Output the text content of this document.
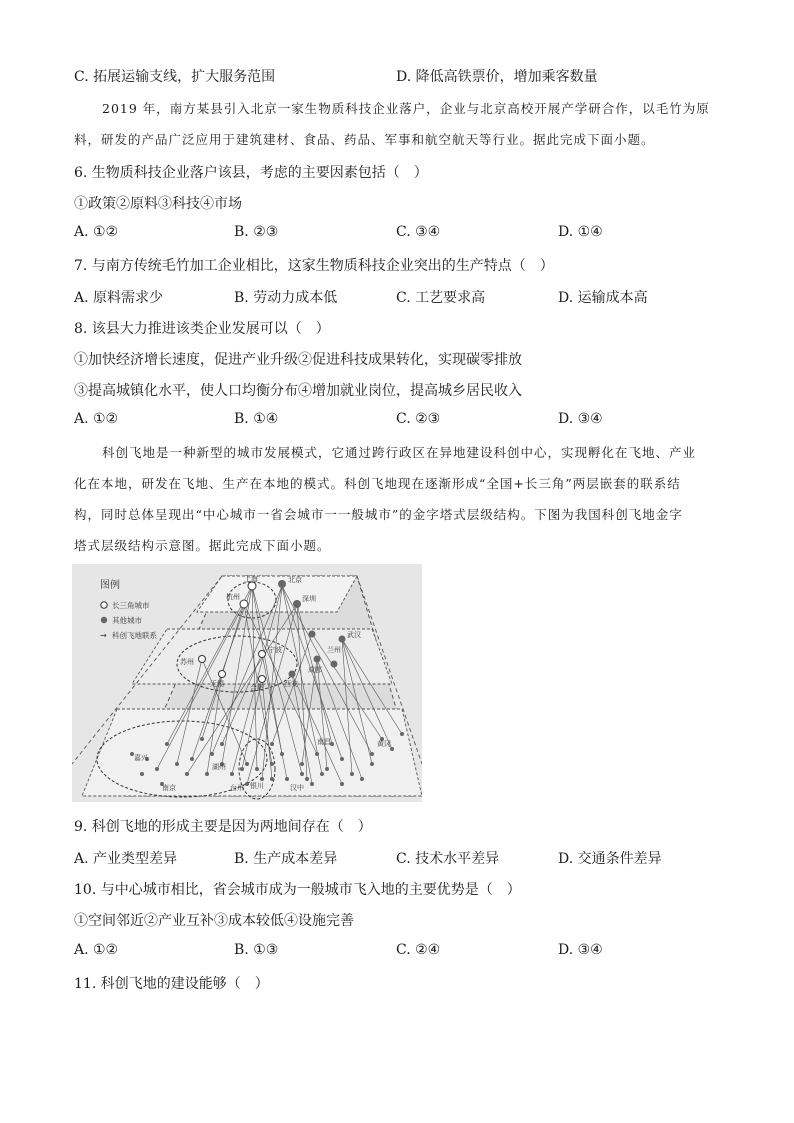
C. 拓展运输支线，扩大服务范围	D. 降低高铁票价，增加乘客数量
2019 年，南方某县引入北京一家生物质科技企业落户，企业与北京高校开展产学研合作，以毛竹为原
料，研发的产品广泛应用于建筑建材、食品、药品、军事和航空航天等行业。据此完成下面小题。
6. 生物质科技企业落户该县，考虑的主要因素包括（　）
①政策②原料③科技④市场
A. ①②	B. ②③	C. ③④	D. ①④
7. 与南方传统毛竹加工企业相比，这家生物质科技企业突出的生产特点（　）
A. 原料需求少	B. 劳动力成本低	C. 工艺要求高	D. 运输成本高
8. 该县大力推进该类企业发展可以（　）
①加快经济增长速度，促进产业升级②促进科技成果转化，实现碳零排放
③提高城镇化水平，使人口均衡分布④增加就业岗位，提高城乡居民收入
A. ①②	B. ①④	C. ②③	D. ③④
科创飞地是一种新型的城市发展模式，它通过跨行政区在异地建设科创中心，实现孵化在飞地、产业
化在本地，研发在飞地、生产在本地的模式。科创飞地现在逐渐形成“全国+长三角”两层嵌套的联系结
构，同时总体呈现出“中心城市一省会城市一一般城市”的金字塔式层级结构。下图为我国科创飞地金字
塔式层级结构示意图。据此完成下面小题。
图例
长三角城市
其他城市
→ 科创飞地联系
上海	北京
杭州	深圳
苏州
无锡
宁波
合肥	西安
成都
武汉
兰州
嘉兴
湖州
南京	台州	汉中
黄冈
银川
南昌
9. 科创飞地的形成主要是因为两地间存在（　）
A. 产业类型差异	B. 生产成本差异	C. 技术水平差异	D. 交通条件差异
10. 与中心城市相比，省会城市成为一般城市飞入地的主要优势是（　）
①空间邻近②产业互补③成本较低④设施完善
A. ①②	B. ①③	C. ②④	D. ③④
11. 科创飞地的建设能够（　）
